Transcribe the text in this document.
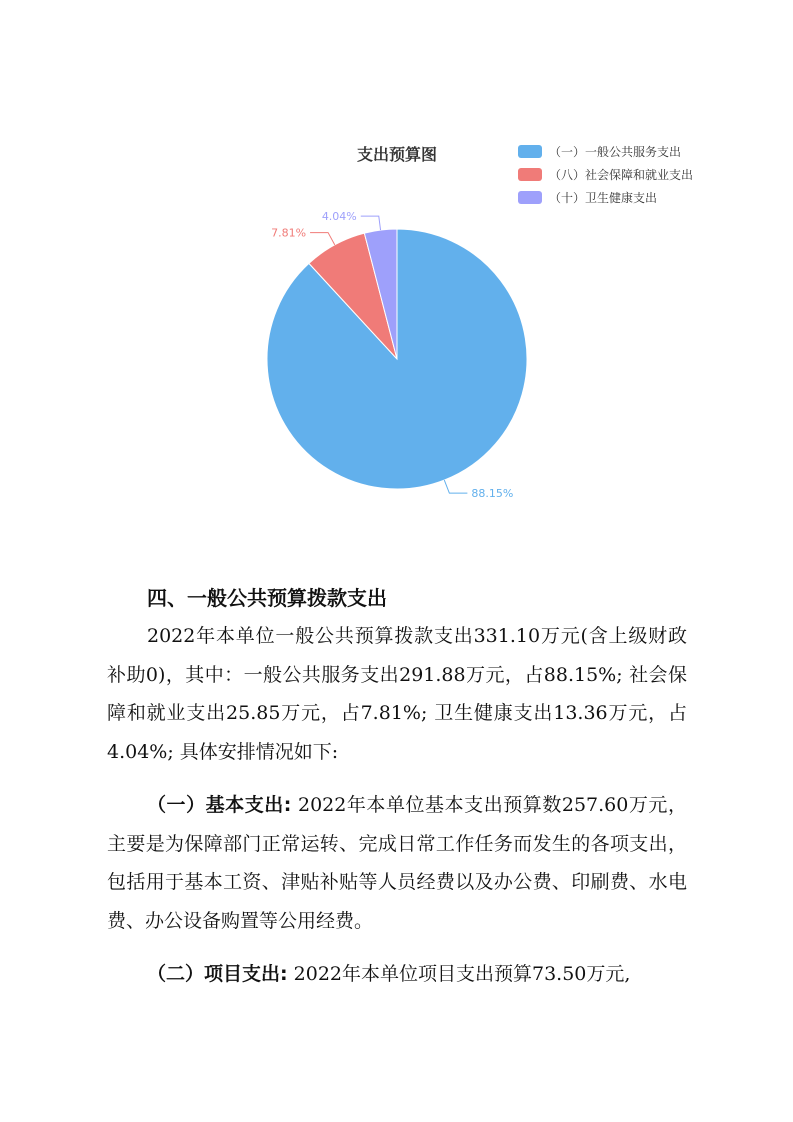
支出预算图	（一）一般公共服务支出
（八）社会保障和就业支出
（十）卫生健康支出
88.15%
7.81%
4.04%
四、一般公共预算拨款支出
2022年本单位一般公共预算拨款支出331.10万元(含上级财政补助0)，其中：一般公共服务支出291.88万元，占88.15%; 社会保障和就业支出25.85万元，占7.81%; 卫生健康支出13.36万元，占4.04%; 具体安排情况如下:
（一）基本支出: 2022年本单位基本支出预算数257.60万元，主要是为保障部门正常运转、完成日常工作任务而发生的各项支出，包括用于基本工资、津贴补贴等人员经费以及办公费、印刷费、水电费、办公设备购置等公用经费。
（二）项目支出: 2022年本单位项目支出预算73.50万元,
